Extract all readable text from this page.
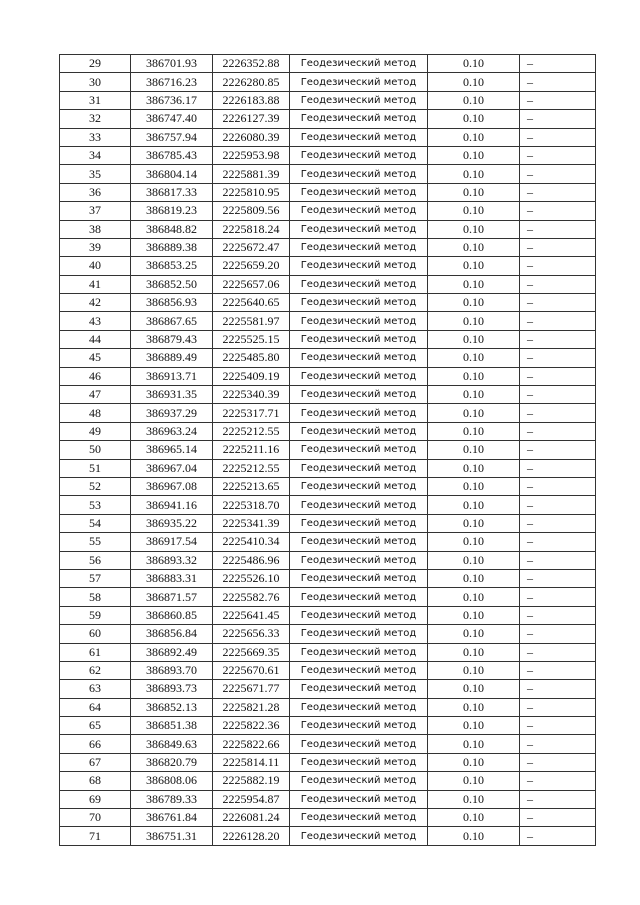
29	386701.93	2226352.88	Геодезический метод	0.10	–
30	386716.23	2226280.85	Геодезический метод	0.10	–
31	386736.17	2226183.88	Геодезический метод	0.10	–
32	386747.40	2226127.39	Геодезический метод	0.10	–
33	386757.94	2226080.39	Геодезический метод	0.10	–
34	386785.43	2225953.98	Геодезический метод	0.10	–
35	386804.14	2225881.39	Геодезический метод	0.10	–
36	386817.33	2225810.95	Геодезический метод	0.10	–
37	386819.23	2225809.56	Геодезический метод	0.10	–
38	386848.82	2225818.24	Геодезический метод	0.10	–
39	386889.38	2225672.47	Геодезический метод	0.10	–
40	386853.25	2225659.20	Геодезический метод	0.10	–
41	386852.50	2225657.06	Геодезический метод	0.10	–
42	386856.93	2225640.65	Геодезический метод	0.10	–
43	386867.65	2225581.97	Геодезический метод	0.10	–
44	386879.43	2225525.15	Геодезический метод	0.10	–
45	386889.49	2225485.80	Геодезический метод	0.10	–
46	386913.71	2225409.19	Геодезический метод	0.10	–
47	386931.35	2225340.39	Геодезический метод	0.10	–
48	386937.29	2225317.71	Геодезический метод	0.10	–
49	386963.24	2225212.55	Геодезический метод	0.10	–
50	386965.14	2225211.16	Геодезический метод	0.10	–
51	386967.04	2225212.55	Геодезический метод	0.10	–
52	386967.08	2225213.65	Геодезический метод	0.10	–
53	386941.16	2225318.70	Геодезический метод	0.10	–
54	386935.22	2225341.39	Геодезический метод	0.10	–
55	386917.54	2225410.34	Геодезический метод	0.10	–
56	386893.32	2225486.96	Геодезический метод	0.10	–
57	386883.31	2225526.10	Геодезический метод	0.10	–
58	386871.57	2225582.76	Геодезический метод	0.10	–
59	386860.85	2225641.45	Геодезический метод	0.10	–
60	386856.84	2225656.33	Геодезический метод	0.10	–
61	386892.49	2225669.35	Геодезический метод	0.10	–
62	386893.70	2225670.61	Геодезический метод	0.10	–
63	386893.73	2225671.77	Геодезический метод	0.10	–
64	386852.13	2225821.28	Геодезический метод	0.10	–
65	386851.38	2225822.36	Геодезический метод	0.10	–
66	386849.63	2225822.66	Геодезический метод	0.10	–
67	386820.79	2225814.11	Геодезический метод	0.10	–
68	386808.06	2225882.19	Геодезический метод	0.10	–
69	386789.33	2225954.87	Геодезический метод	0.10	–
70	386761.84	2226081.24	Геодезический метод	0.10	–
71	386751.31	2226128.20	Геодезический метод	0.10	–
